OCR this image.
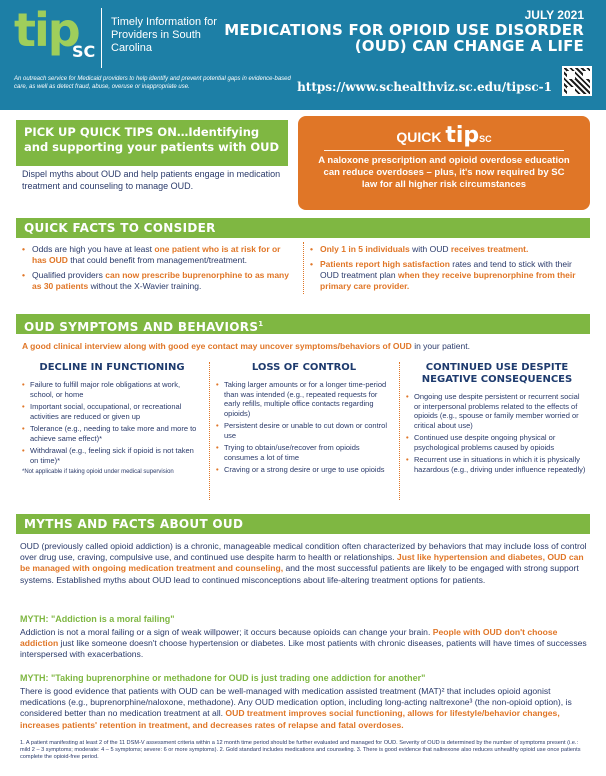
tip
SC
Timely Information for Providers in South Carolina
JULY 2021
MEDICATIONS FOR OPIOID USE DISORDER (OUD) CAN CHANGE A LIFE
An outreach service for Medicaid providers to help identify and prevent potential gaps in evidence-based care, as well as detect fraud, abuse, overuse or inappropriate use.	https://www.schealthviz.sc.edu/tipsc-1
PICK UP QUICK TIPS ON…Identifying and supporting your patients with OUD
Dispel myths about OUD and help patients engage in medication treatment and counseling to manage OUD.
QUICK tipSC
A naloxone prescription and opioid overdose education can reduce overdoses – plus, it's now required by SC law for all higher risk circumstances
QUICK FACTS TO CONSIDER
• Odds are high you have at least one patient who is at risk for or has OUD that could benefit from management/treatment.
• Qualified providers can now prescribe buprenorphine to as many as 30 patients without the X-Wavier training.
• Only 1 in 5 individuals with OUD receives treatment.
• Patients report high satisfaction rates and tend to stick with their OUD treatment plan when they receive buprenorphine from their primary care provider.
OUD SYMPTOMS AND BEHAVIORS$^1$
A good clinical interview along with good eye contact may uncover symptoms/behaviors of OUD in your patient.
DECLINE IN FUNCTIONING
• Failure to fulfill major role obligations at work, school, or home
• Important social, occupational, or recreational activities are reduced or given up
• Tolerance (e.g., needing to take more and more to achieve same effect)*
• Withdrawal (e.g., feeling sick if opioid is not taken on time)*
*Not applicable if taking opioid under medical supervision
LOSS OF CONTROL
• Taking larger amounts or for a longer time-period than was intended (e.g., repeated requests for early refills, multiple office contacts regarding opioids)
• Persistent desire or unable to cut down or control use
• Trying to obtain/use/recover from opioids consumes a lot of time
• Craving or a strong desire or urge to use opioids
CONTINUED USE DESPITE NEGATIVE CONSEQUENCES
• Ongoing use despite persistent or recurrent social or interpersonal problems related to the effects of opioids (e.g., spouse or family member worried or critical about use)
• Continued use despite ongoing physical or psychological problems caused by opioids
• Recurrent use in situations in which it is physically hazardous (e.g., driving under influence repeatedly)
MYTHS AND FACTS ABOUT OUD
OUD (previously called opioid addiction) is a chronic, manageable medical condition often characterized by behaviors that may include loss of control over drug use, craving, compulsive use, and continued use despite harm to health or relationships. Just like hypertension and diabetes, OUD can be managed with ongoing medication treatment and counseling, and the most successful patients are likely to be engaged with strong support systems. Established myths about OUD lead to continued misconceptions about life-altering treatment options for patients.
MYTH: "Addiction is a moral failing"
Addiction is not a moral failing or a sign of weak willpower; it occurs because opioids can change your brain. People with OUD don't choose addiction just like someone doesn't choose hypertension or diabetes. Like most patients with chronic diseases, patients will have times of successes interspersed with exacerbations.
MYTH: "Taking buprenorphine or methadone for OUD is just trading one addiction for another"
There is good evidence that patients with OUD can be well-managed with medication assisted treatment (MAT)² that includes opioid agonist medications (e.g., buprenorphine/naloxone, methadone). Any OUD medication option, including long-acting naltrexone³ (the non-opioid option), is considered better than no medication treatment at all. OUD treatment improves social functioning, allows for lifestyle/behavior changes, increases patients' retention in treatment, and decreases rates of relapse and fatal overdoses.
1. A patient manifesting at least 2 of the 11 DSM-V assessment criteria within a 12 month time period should be further evaluated and managed for OUD. Severity of OUD is determined by the number of symptoms present (i.e.: mild 2 – 3 symptoms; moderate: 4 – 5 symptoms; severe: 6 or more symptoms). 2. Gold standard includes medications and counseling. 3. There is good evidence that naltrexone also reduces unhealthy opioid use once patients complete the opioid-free period.
